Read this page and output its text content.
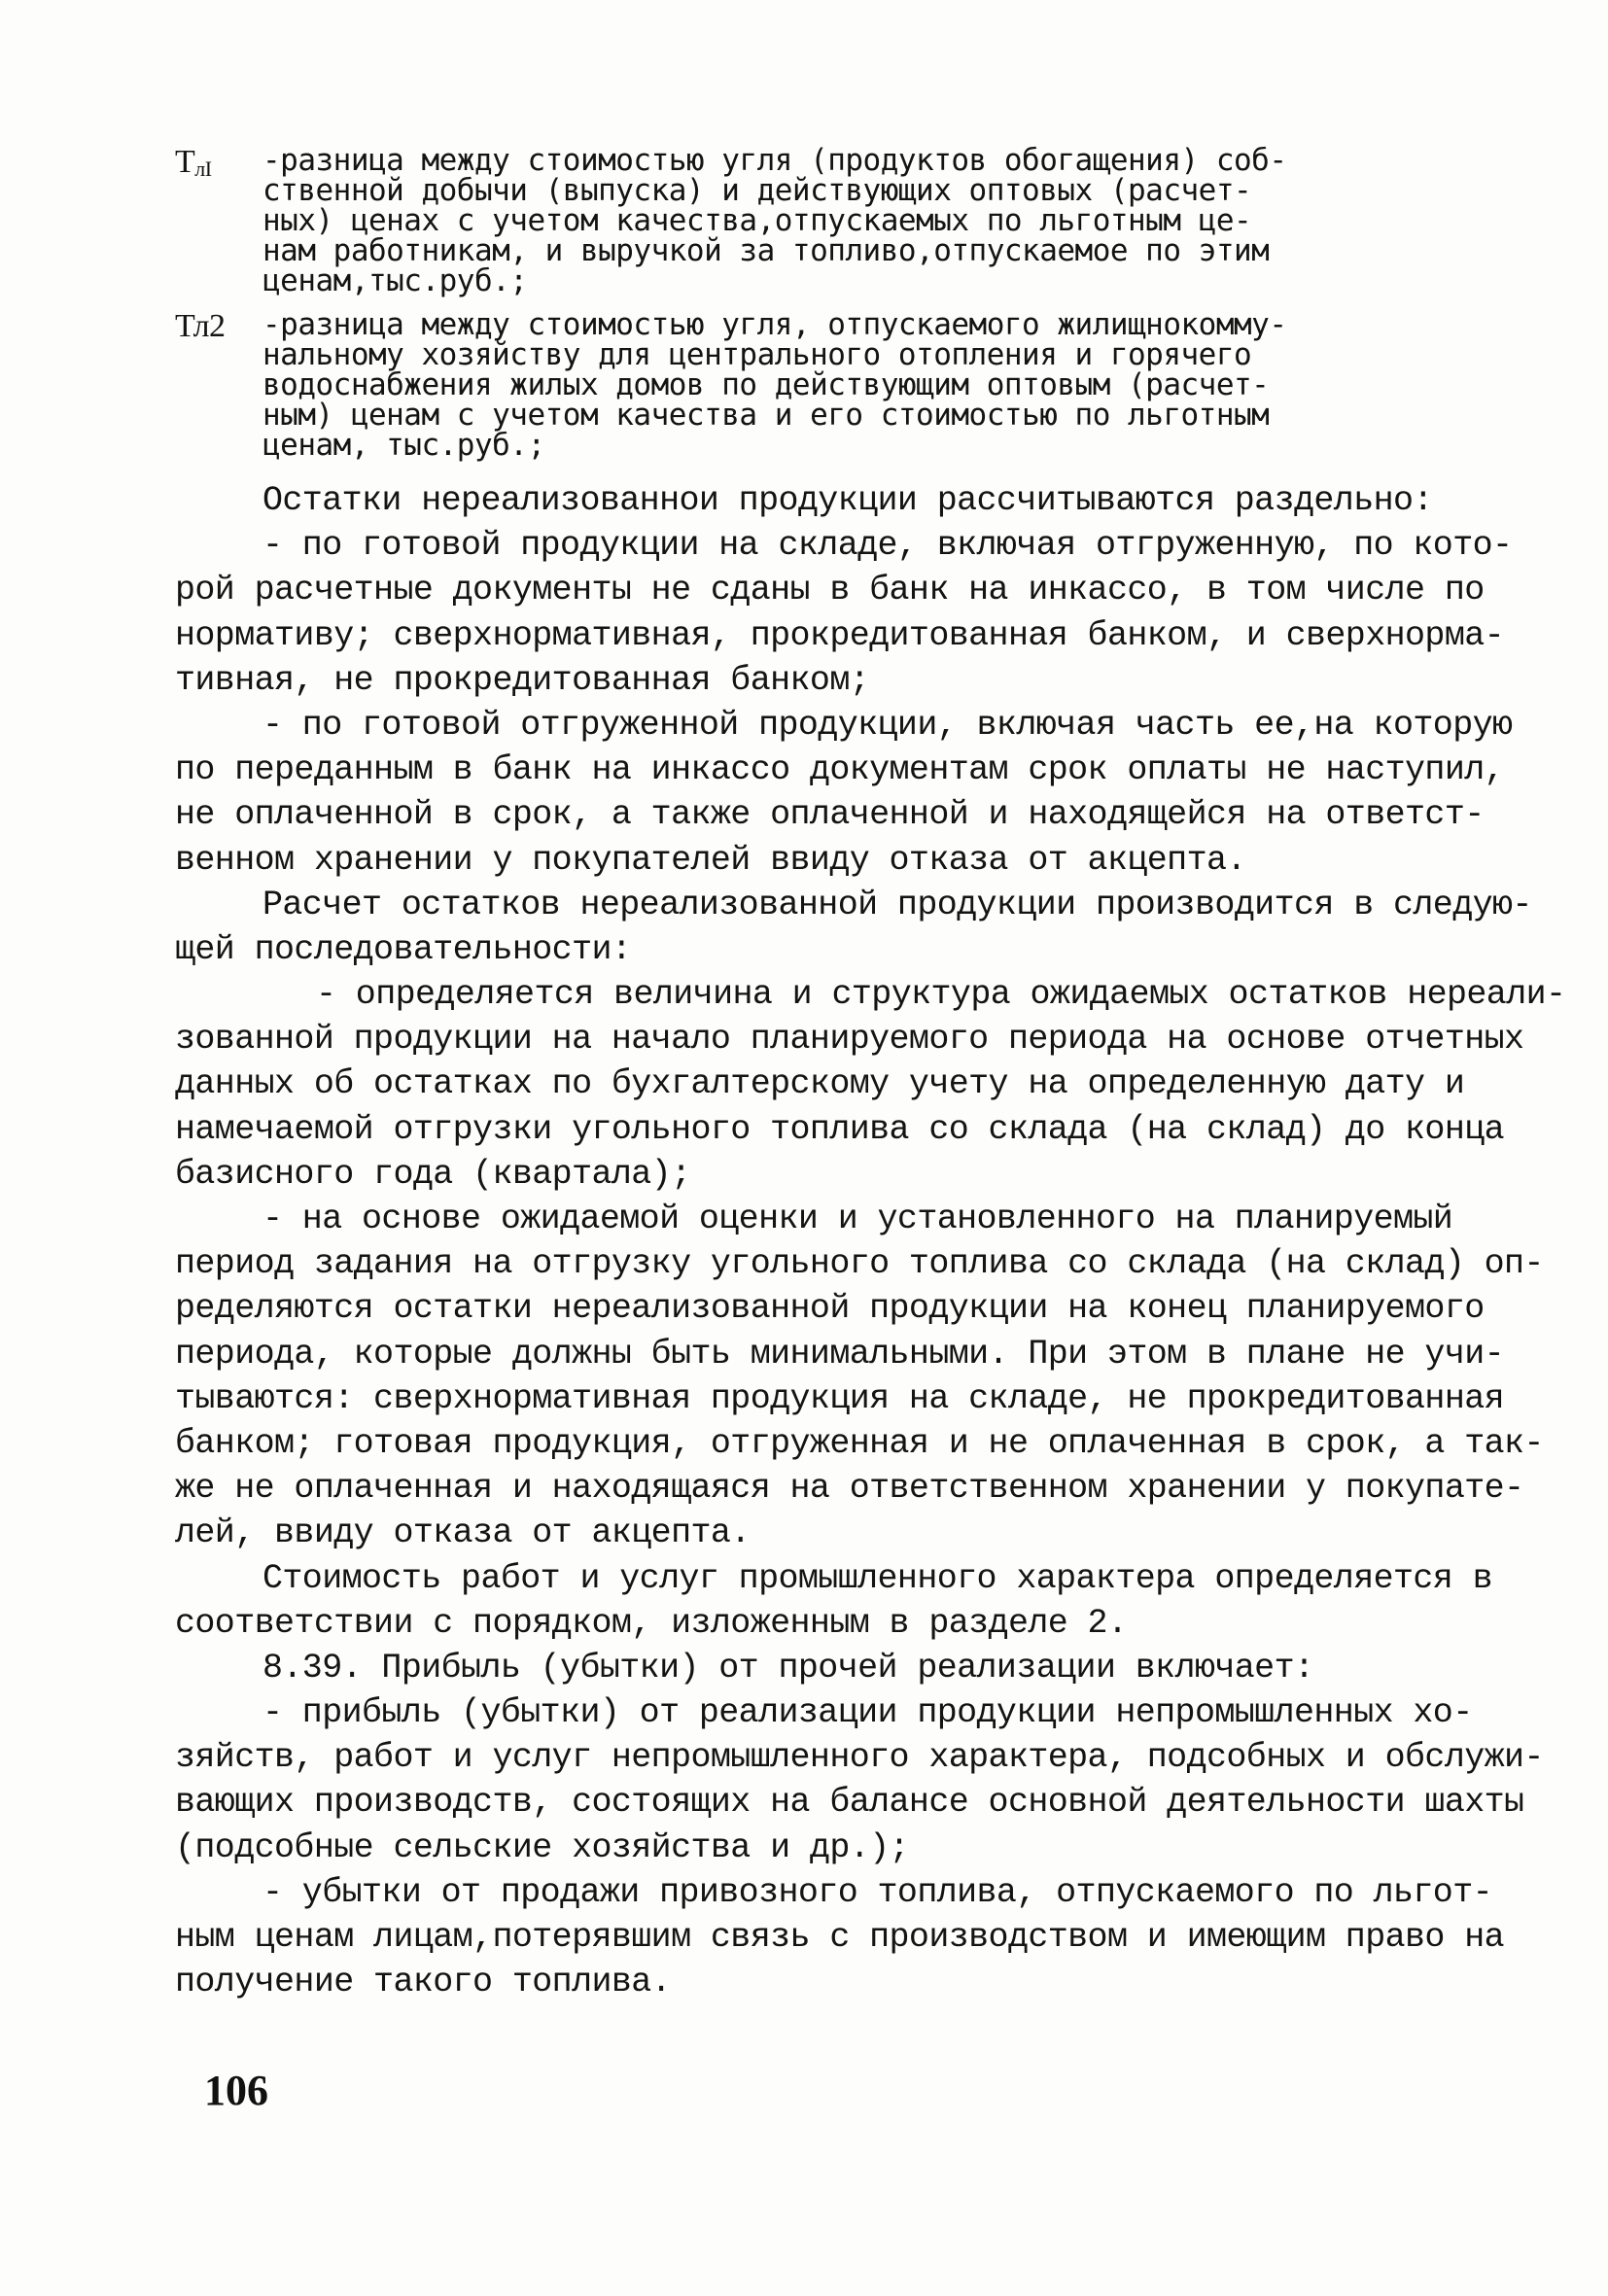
$Т_{лI}$	-разница между стоимостью угля (продуктов обогащения) соб-
ственной добычи (выпуска) и действующих оптовых (расчет-
ных) ценах с учетом качества,отпускаемых по льготным це-
нам работникам, и выручкой за топливо,отпускаемое по этим
ценам,тыс.руб.;
Тл2	-разница между стоимостью угля, отпускаемого жилищнокомму-
нальному хозяйству для центрального отопления и горячего
водоснабжения жилых домов по действующим оптовым (расчет-
ным) ценам с учетом качества и его стоимостью по льготным
ценам, тыс.руб.;
Остатки нереализованнои продукции рассчитываются раздельно:
- по готовой продукции на складе, включая отгруженную, по кото-
рой расчетные документы не сданы в банк на инкассо, в том числе по
нормативу; сверхнормативная, прокредитованная банком, и сверхнорма-
тивная, не прокредитованная банком;
- по готовой отгруженной продукции, включая часть ее,на которую
по переданным в банк на инкассо документам срок оплаты не наступил,
не оплаченной в срок, а также оплаченной и находящейся на ответст-
венном хранении у покупателей ввиду отказа от акцепта.
Расчет остатков нереализованной продукции производится в следую-
щей последовательности:
- определяется величина и структура ожидаемых остатков нереали-
зованной продукции на начало планируемого периода на основе отчетных
данных об остатках по бухгалтерскому учету на определенную дату и
намечаемой отгрузки угольного топлива со склада (на склад) до конца
базисного года (квартала);
- на основе ожидаемой оценки и установленного на планируемый
период задания на отгрузку угольного топлива со склада (на склад) оп-
ределяются остатки нереализованной продукции на конец планируемого
периода, которые должны быть минимальными. При этом в плане не учи-
тываются: сверхнормативная продукция на складе, не прокредитованная
банком; готовая продукция, отгруженная и не оплаченная в срок, а так-
же не оплаченная и находящаяся на ответственном хранении у покупате-
лей, ввиду отказа от акцепта.
Стоимость работ и услуг промышленного характера определяется в
соответствии с порядком, изложенным в разделе 2.
8.39. Прибыль (убытки) от прочей реализации включает:
- прибыль (убытки) от реализации продукции непромышленных хо-
зяйств, работ и услуг непромышленного характера, подсобных и обслужи-
вающих производств, состоящих на балансе основной деятельности шахты
(подсобные сельские хозяйства и др.);
- убытки от продажи привозного топлива, отпускаемого по льгот-
ным ценам лицам,потерявшим связь с производством и имеющим право на
получение такого топлива.
106
